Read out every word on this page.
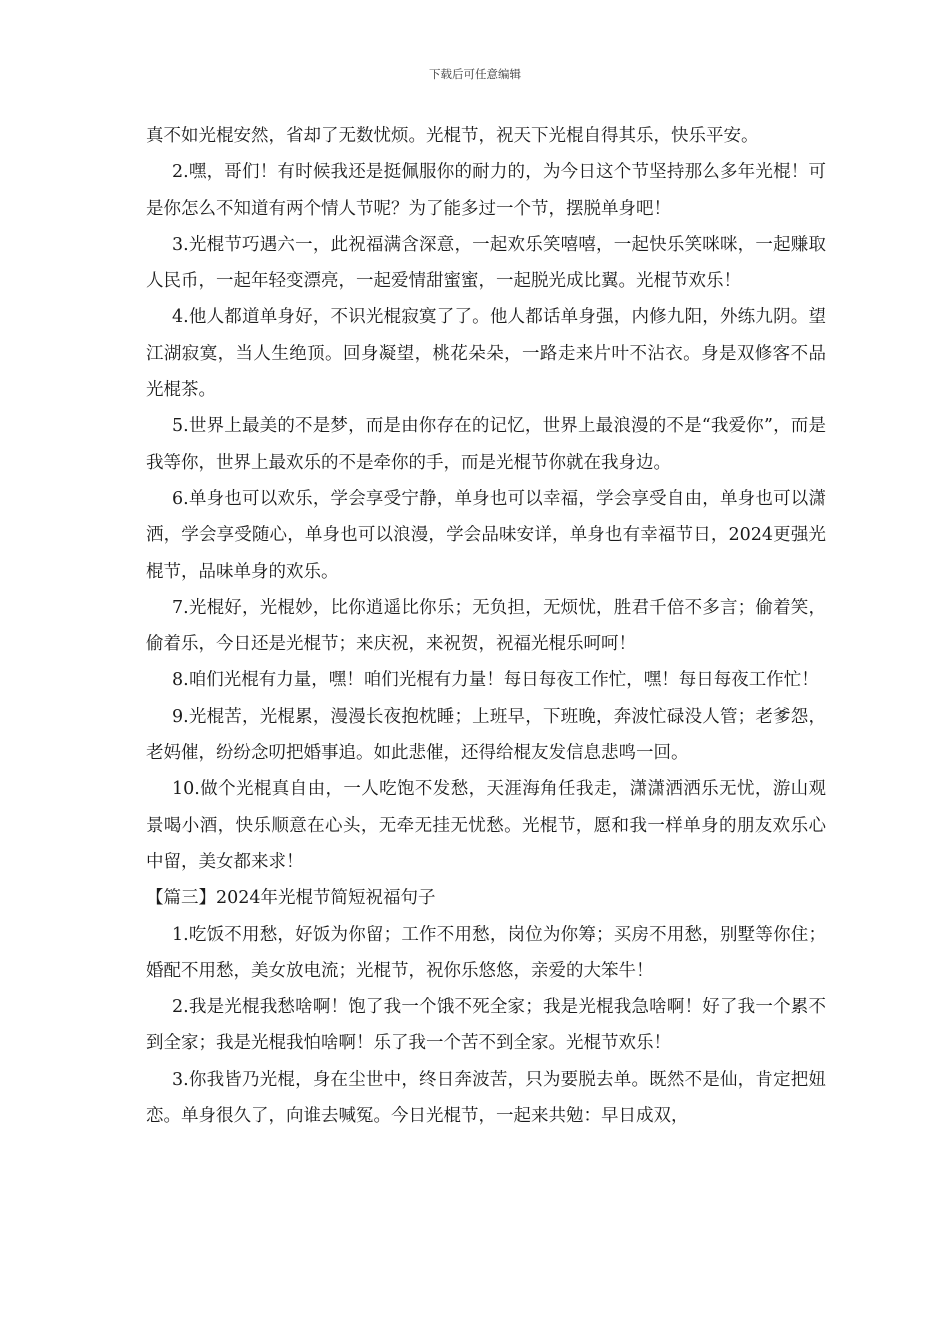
下载后可任意编辑

真不如光棍安然，省却了无数忧烦。光棍节，祝天下光棍自得其乐，快乐平安。

2.嘿，哥们！有时候我还是挺佩服你的耐力的，为今日这个节坚持那么多年光棍！可是你怎么不知道有两个情人节呢？为了能多过一个节，摆脱单身吧！

3.光棍节巧遇六一，此祝福满含深意，一起欢乐笑嘻嘻，一起快乐笑咪咪，一起赚取人民币，一起年轻变漂亮，一起爱情甜蜜蜜，一起脱光成比翼。光棍节欢乐！

4.他人都道单身好，不识光棍寂寞了了。他人都话单身强，内修九阳，外练九阴。望江湖寂寞，当人生绝顶。回身凝望，桃花朵朵，一路走来片叶不沾衣。身是双修客不品光棍茶。

5.世界上最美的不是梦，而是由你存在的记忆，世界上最浪漫的不是“我爱你”，而是我等你，世界上最欢乐的不是牵你的手，而是光棍节你就在我身边。

6.单身也可以欢乐，学会享受宁静，单身也可以幸福，学会享受自由，单身也可以潇洒，学会享受随心，单身也可以浪漫，学会品味安详，单身也有幸福节日，2024更强光棍节，品味单身的欢乐。

7.光棍好，光棍妙，比你逍遥比你乐；无负担，无烦忧，胜君千倍不多言；偷着笑，偷着乐，今日还是光棍节；来庆祝，来祝贺，祝福光棍乐呵呵！

8.咱们光棍有力量，嘿！咱们光棍有力量！每日每夜工作忙，嘿！每日每夜工作忙！

9.光棍苦，光棍累，漫漫长夜抱枕睡；上班早，下班晚，奔波忙碌没人管；老爹怨，老妈催，纷纷念叨把婚事追。如此悲催，还得给棍友发信息悲鸣一回。

10.做个光棍真自由，一人吃饱不发愁，天涯海角任我走，潇潇洒洒乐无忧，游山观景喝小酒，快乐顺意在心头，无牵无挂无忧愁。光棍节，愿和我一样单身的朋友欢乐心中留，美女都来求！

【篇三】2024年光棍节简短祝福句子

1.吃饭不用愁，好饭为你留；工作不用愁，岗位为你筹；买房不用愁，别墅等你住；婚配不用愁，美女放电流；光棍节，祝你乐悠悠，亲爱的大笨牛！

2.我是光棍我愁啥啊！饱了我一个饿不死全家；我是光棍我急啥啊！好了我一个累不到全家；我是光棍我怕啥啊！乐了我一个苦不到全家。光棍节欢乐！

3.你我皆乃光棍，身在尘世中，终日奔波苦，只为要脱去单。既然不是仙，肯定把妞恋。单身很久了，向谁去喊冤。今日光棍节，一起来共勉：早日成双，
